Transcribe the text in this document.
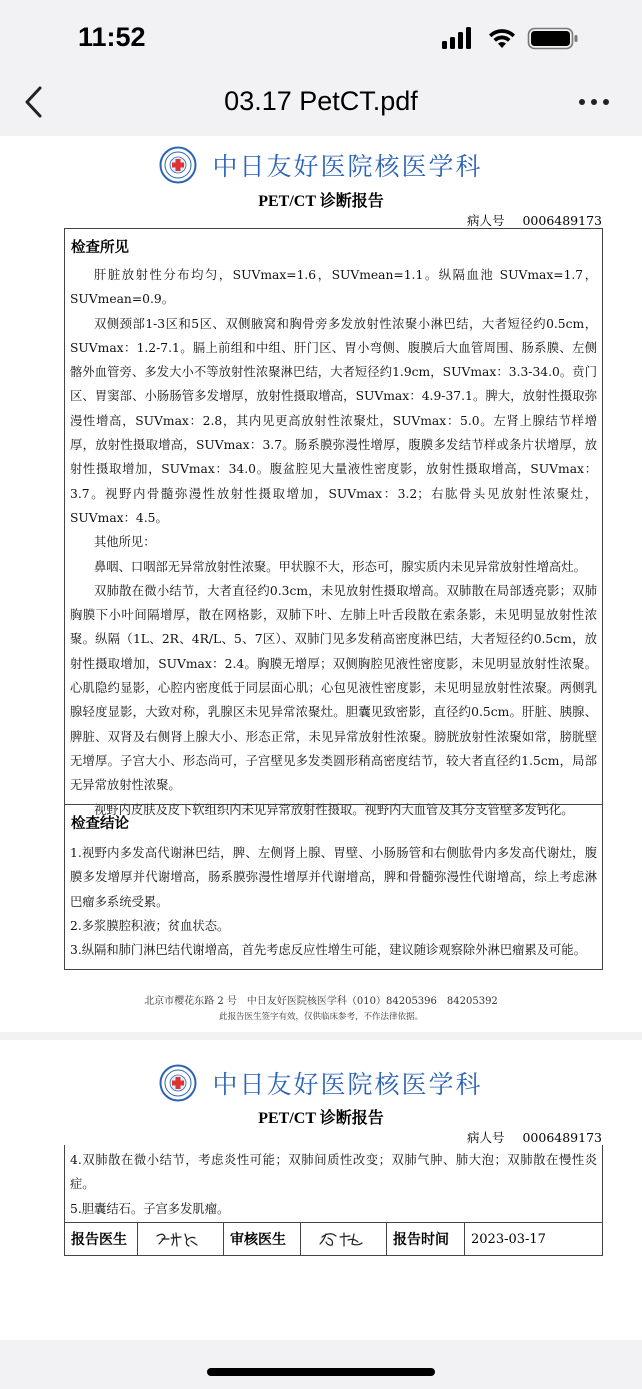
11:52
03.17 PetCT.pdf
中日友好医院核医学科
PET/CT 诊断报告
病人号 0006489173
检查所见

肝脏放射性分布均匀，SUVmax=1.6，SUVmean=1.1。纵隔血池 SUVmax=1.7，SUVmean=0.9。

双侧颈部1-3区和5区、双侧腋窝和胸骨旁多发放射性浓聚小淋巴结，大者短径约0.5cm，SUVmax：1.2-7.1。膈上前组和中组、肝门区、胃小弯侧、腹膜后大血管周围、肠系膜、左侧髂外血管旁、多发大小不等放射性浓聚淋巴结，大者短径约1.9cm，SUVmax：3.3-34.0。贲门区、胃窦部、小肠肠管多发增厚，放射性摄取增高，SUVmax：4.9-37.1。脾大，放射性摄取弥漫性增高，SUVmax：2.8，其内见更高放射性浓聚灶，SUVmax：5.0。左肾上腺结节样增厚，放射性摄取增高，SUVmax：3.7。肠系膜弥漫性增厚，腹膜多发结节样或条片状增厚，放射性摄取增加，SUVmax：34.0。腹盆腔见大量液性密度影，放射性摄取增高，SUVmax：3.7。视野内骨髓弥漫性放射性摄取增加，SUVmax：3.2；右肱骨头见放射性浓聚灶，SUVmax：4.5。

其他所见：

鼻咽、口咽部无异常放射性浓聚。甲状腺不大，形态可，腺实质内未见异常放射性增高灶。

双肺散在微小结节，大者直径约0.3cm，未见放射性摄取增高。双肺散在局部透亮影；双肺胸膜下小叶间隔增厚，散在网格影，双肺下叶、左肺上叶舌段散在索条影，未见明显放射性浓聚。纵隔（1L、2R、4R/L、5、7区）、双肺门见多发稍高密度淋巴结，大者短径约0.5cm，放射性摄取增加，SUVmax：2.4。胸膜无增厚；双侧胸腔见液性密度影，未见明显放射性浓聚。心肌隐约显影，心腔内密度低于同层面心肌；心包见液性密度影，未见明显放射性浓聚。两侧乳腺轻度显影，大致对称，乳腺区未见异常浓聚灶。胆囊见致密影，直径约0.5cm。肝脏、胰腺、脾脏、双肾及右侧肾上腺大小、形态正常，未见异常放射性浓聚。膀胱放射性浓聚如常，膀胱壁无增厚。子宫大小、形态尚可，子宫壁见多发类圆形稍高密度结节，较大者直径约1.5cm，局部无异常放射性浓聚。

视野内皮肤及皮下软组织内未见异常放射性摄取。视野内大血管及其分支管壁多发钙化。

检查结论

1.视野内多发高代谢淋巴结，脾、左侧肾上腺、胃壁、小肠肠管和右侧肱骨内多发高代谢灶，腹膜多发增厚并代谢增高，肠系膜弥漫性增厚并代谢增高，脾和骨髓弥漫性代谢增高，综上考虑淋巴瘤多系统受累。

2.多浆膜腔积液；贫血状态。

3.纵隔和肺门淋巴结代谢增高，首先考虑反应性增生可能，建议随诊观察除外淋巴瘤累及可能。

北京市樱花东路 2 号　中日友好医院核医学科（010）84205396　84205392
此报告医生签字有效，仅供临床参考，不作法律依据。
中日友好医院核医学科
PET/CT 诊断报告
病人号 0006489173

4.双肺散在微小结节，考虑炎性可能；双肺间质性改变；双肺气肿、肺大泡；双肺散在慢性炎症。

5.胆囊结石。子宫多发肌瘤。

报告医生	审核医生	报告时间	2023-03-17
